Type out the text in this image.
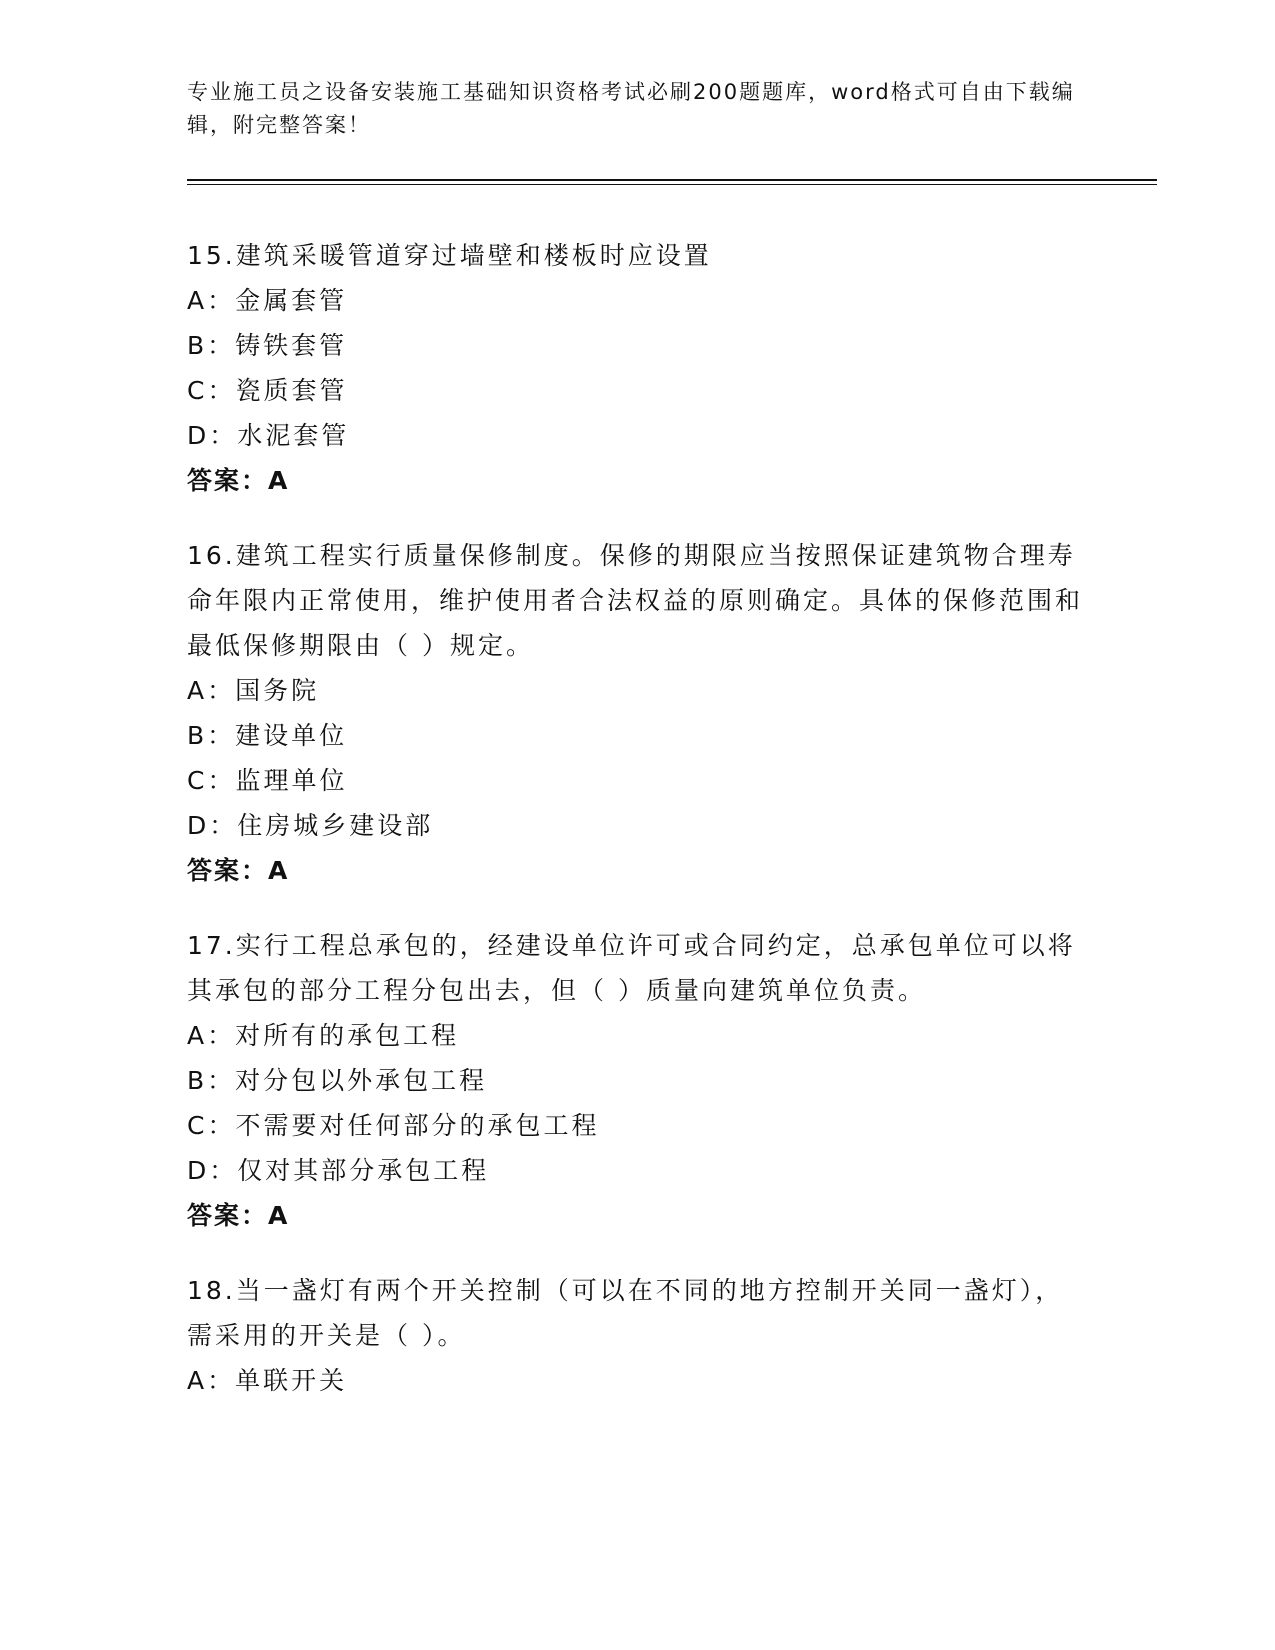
专业施工员之设备安装施工基础知识资格考试必刷200题题库，word格式可自由下载编辑，附完整答案！

15.建筑采暖管道穿过墙壁和楼板时应设置

A：金属套管

B：铸铁套管

C：瓷质套管

D：水泥套管

答案：A

16.建筑工程实行质量保修制度。保修的期限应当按照保证建筑物合理寿命年限内正常使用，维护使用者合法权益的原则确定。具体的保修范围和最低保修期限由（ ）规定。

A：国务院

B：建设单位

C：监理单位

D：住房城乡建设部

答案：A

17.实行工程总承包的，经建设单位许可或合同约定，总承包单位可以将其承包的部分工程分包出去，但（ ）质量向建筑单位负责。

A：对所有的承包工程

B：对分包以外承包工程

C：不需要对任何部分的承包工程

D：仅对其部分承包工程

答案：A

18.当一盏灯有两个开关控制（可以在不同的地方控制开关同一盏灯），需采用的开关是（ ）。

A：单联开关
